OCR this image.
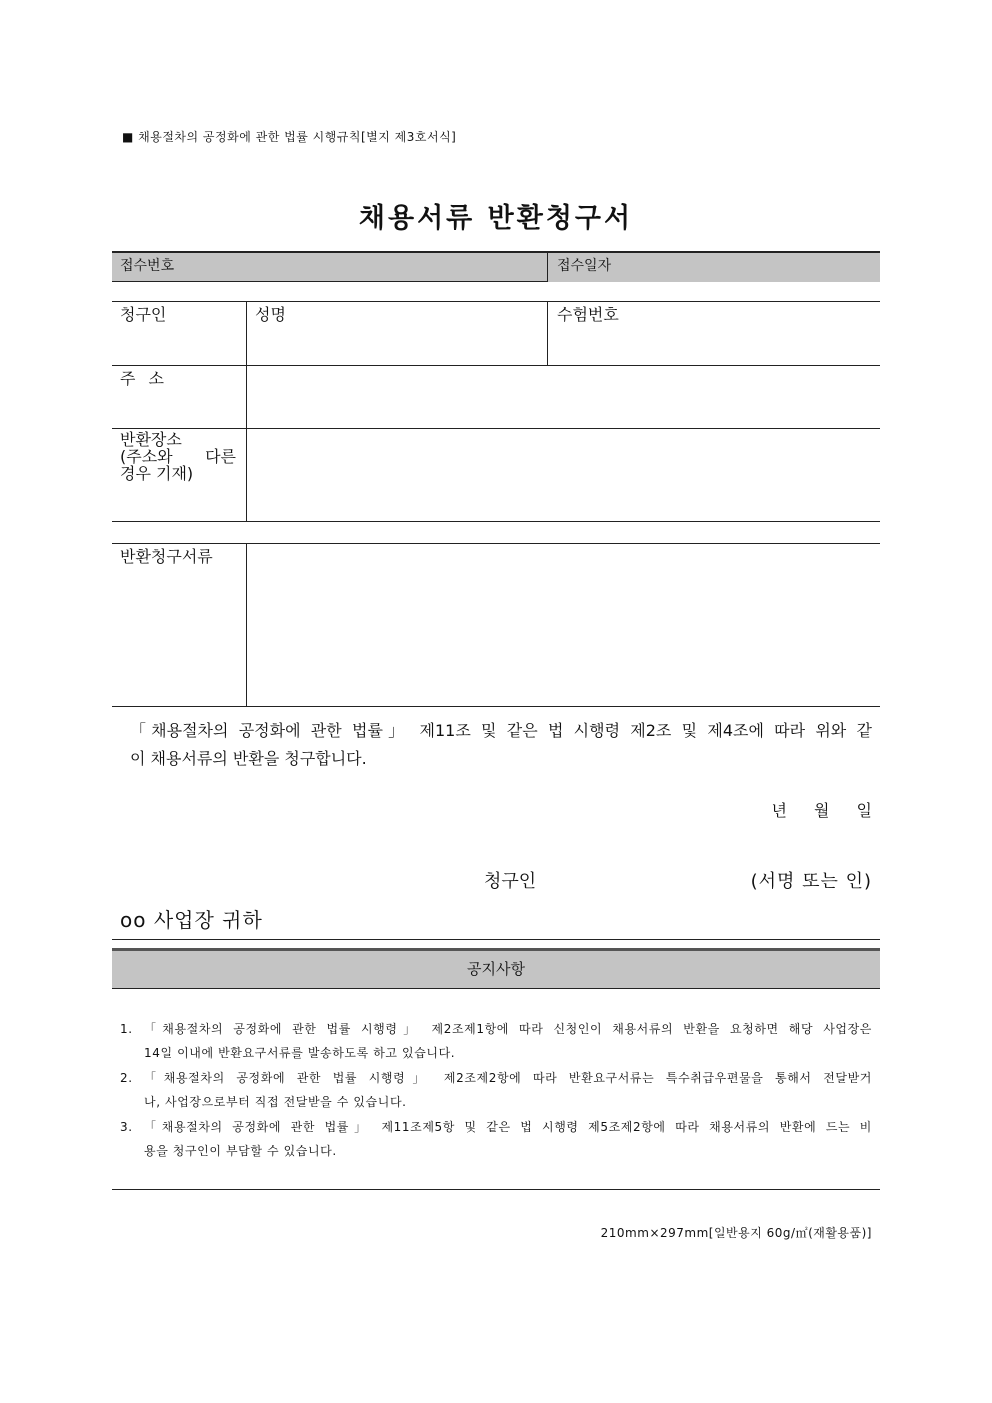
■ 채용절차의 공정화에 관한 법률 시행규칙[별지 제3호서식]
채용서류 반환청구서
접수번호	접수일자
청구인	성명	수험번호
주 소
반환장소
(주소와 다른
경우 기재)
반환청구서류
「채용절차의 공정화에 관한 법률」 제11조 및 같은 법 시행령 제2조 및 제4조에 따라 위와 같
이 채용서류의 반환을 청구합니다.
년 월 일
청구인	(서명 또는 인)
oo 사업장 귀하
공지사항
1. 「채용절차의 공정화에 관한 법률 시행령」 제2조제1항에 따라 신청인이 채용서류의 반환을 요청하면 해당 사업장은
14일 이내에 반환요구서류를 발송하도록 하고 있습니다.
2. 「채용절차의 공정화에 관한 법률 시행령」 제2조제2항에 따라 반환요구서류는 특수취급우편물을 통해서 전달받거
나, 사업장으로부터 직접 전달받을 수 있습니다.
3. 「채용절차의 공정화에 관한 법률」 제11조제5항 및 같은 법 시행령 제5조제2항에 따라 채용서류의 반환에 드는 비
용을 청구인이 부담할 수 있습니다.
210mm×297mm[일반용지 60g/㎡(재활용품)]
